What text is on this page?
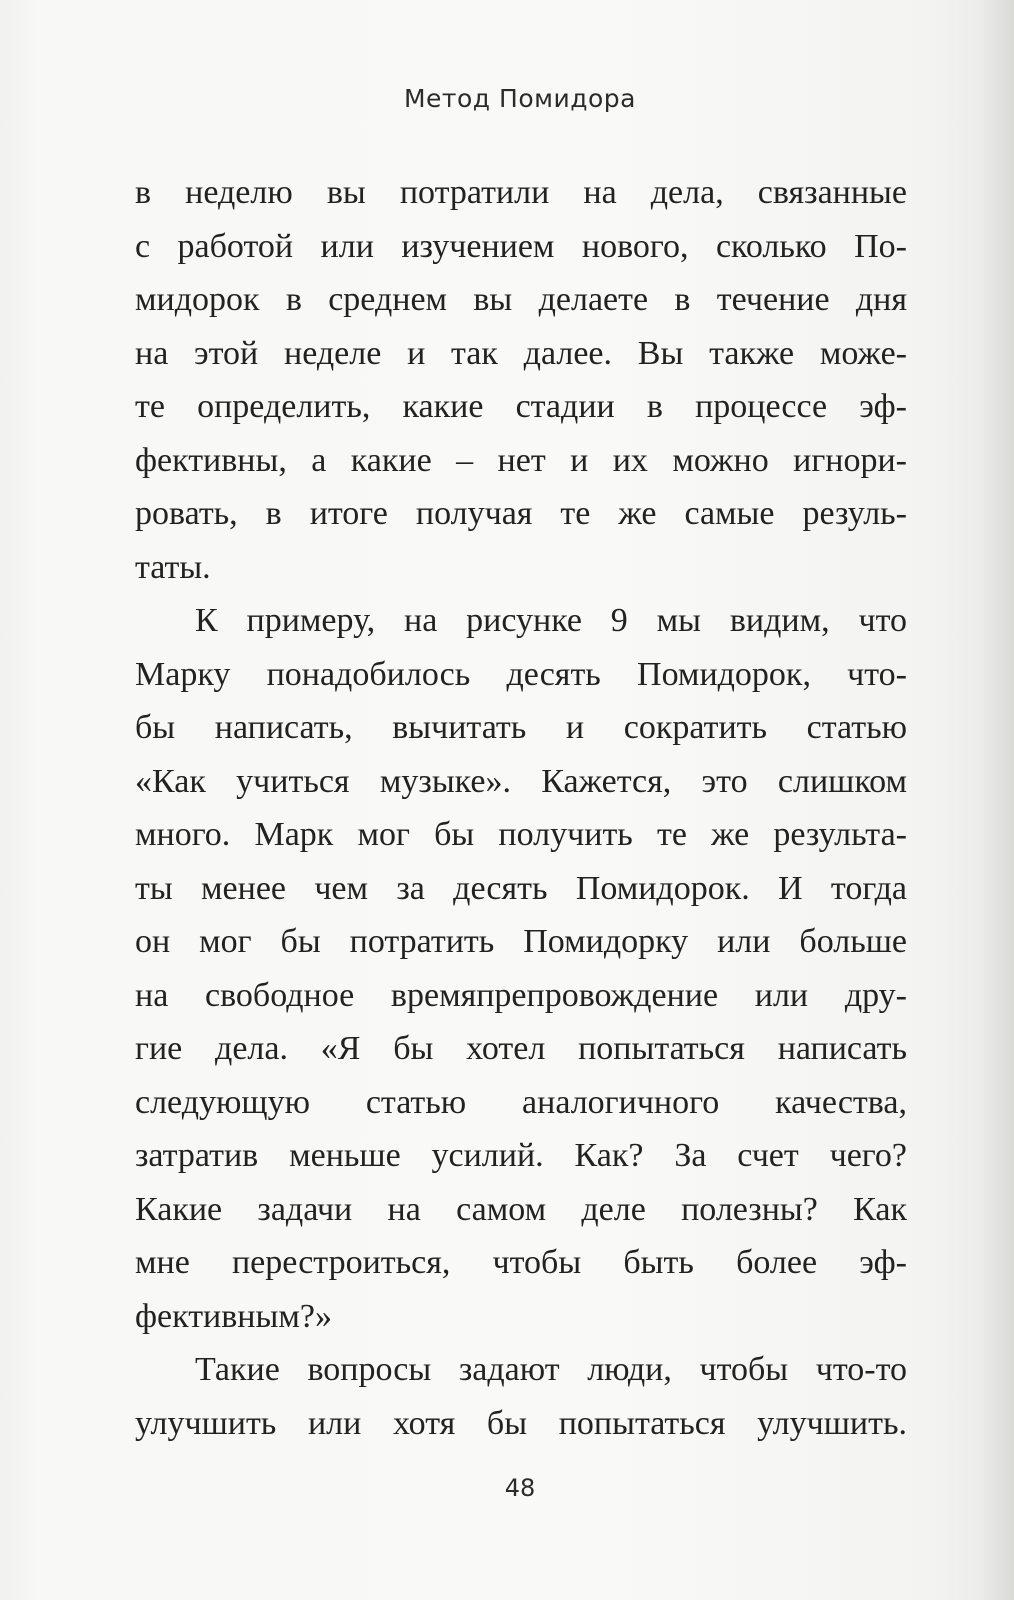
Метод Помидора
в неделю вы потратили на дела, связанные
с работой или изучением нового, сколько По-
мидорок в среднем вы делаете в течение дня
на этой неделе и так далее. Вы также може-
те определить, какие стадии в процессе эф-
фективны, а какие – нет и их можно игнори-
ровать, в итоге получая те же самые резуль-
таты.
К примеру, на рисунке 9 мы видим, что
Марку понадобилось десять Помидорок, что-
бы написать, вычитать и сократить статью
«Как учиться музыке». Кажется, это слишком
много. Марк мог бы получить те же результа-
ты менее чем за десять Помидорок. И тогда
он мог бы потратить Помидорку или больше
на свободное времяпрепровождение или дру-
гие дела. «Я бы хотел попытаться написать
следующую статью аналогичного качества,
затратив меньше усилий. Как? За счет чего?
Какие задачи на самом деле полезны? Как
мне перестроиться, чтобы быть более эф-
фективным?»
Такие вопросы задают люди, чтобы что-то
улучшить или хотя бы попытаться улучшить.
48
